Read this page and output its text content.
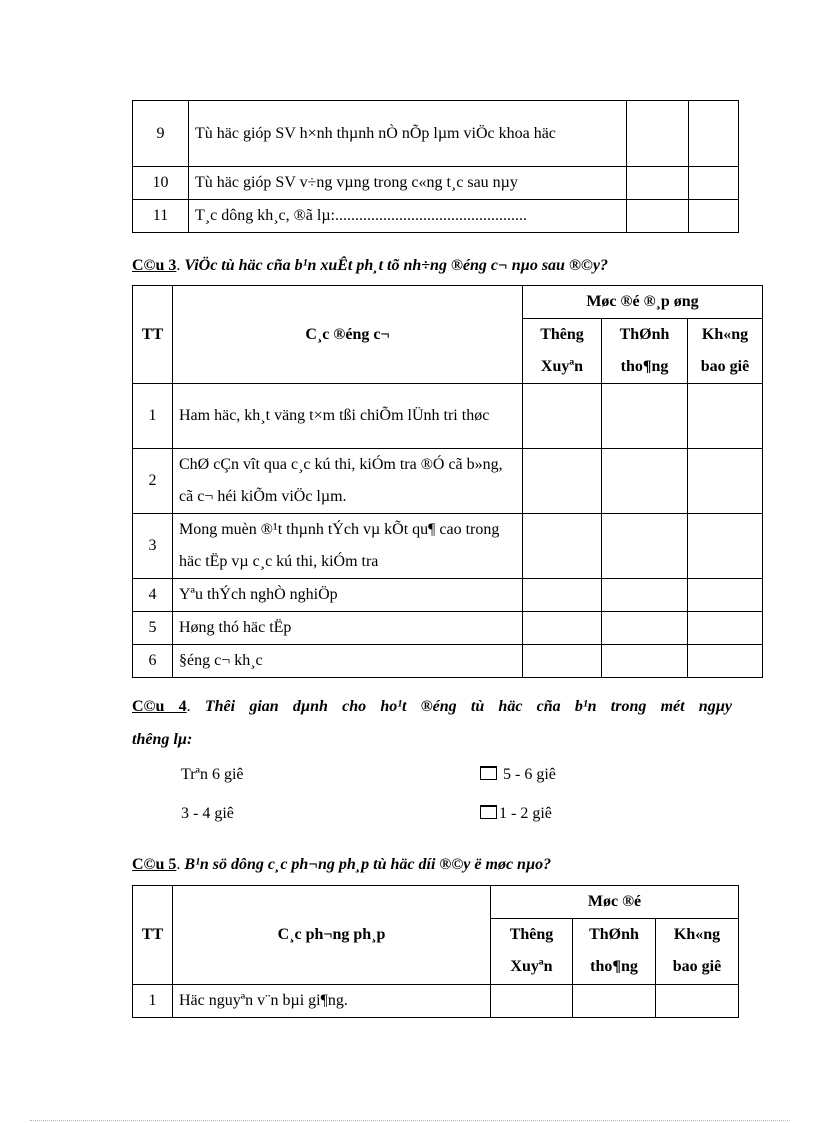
9	Tù häc gióp SV h×nh thµnh nÒ nÕp lµm viÖc khoa häc		
10	Tù häc gióp SV v÷ng vµng trong c«ng t¸c sau nµy		
11	T¸c dông kh¸c, ®ã lµ:................................................		
C©u 3. ViÖc tù häc cña b¹n xuÊt ph¸t tõ nh÷ng ®éng c¬ nµo sau ®©y?
TT	C¸c ®éng c¬	Møc ®é ®¸p øng		
		Thêng	ThØnh	Kh«ng
		Xuyªn	tho¶ng	bao giê
1	Ham häc, kh¸t väng t×m tßi chiÕm lÜnh tri thøc			
2	ChØ cÇn vît qua c¸c kú thi, kiÓm tra ®Ó cã b»ng, cã c¬ héi kiÕm viÖc lµm.			
3	Mong muèn ®¹t thµnh tÝch vµ kÕt qu¶ cao trong häc tËp vµ c¸c kú thi, kiÓm tra			
4	Yªu thÝch nghÒ nghiÖp			
5	Høng thó häc tËp			
6	§éng c¬ kh¸c			
C©u 4. Thêi gian dµnh cho ho¹t ®éng tù häc cña b¹n trong mét ngµy
thêng lµ:
Trªn 6 giê	5 - 6 giê
3 - 4 giê	1 - 2 giê
C©u 5. B¹n sö dông c¸c ph¬ng ph¸p tù häc díi ®©y ë møc nµo?
TT	C¸c ph¬ng ph¸p	Møc ®é		
		Thêng	ThØnh	Kh«ng
		Xuyªn	tho¶ng	bao giê
1	Häc nguyªn v¨n bµi gi¶ng.			
